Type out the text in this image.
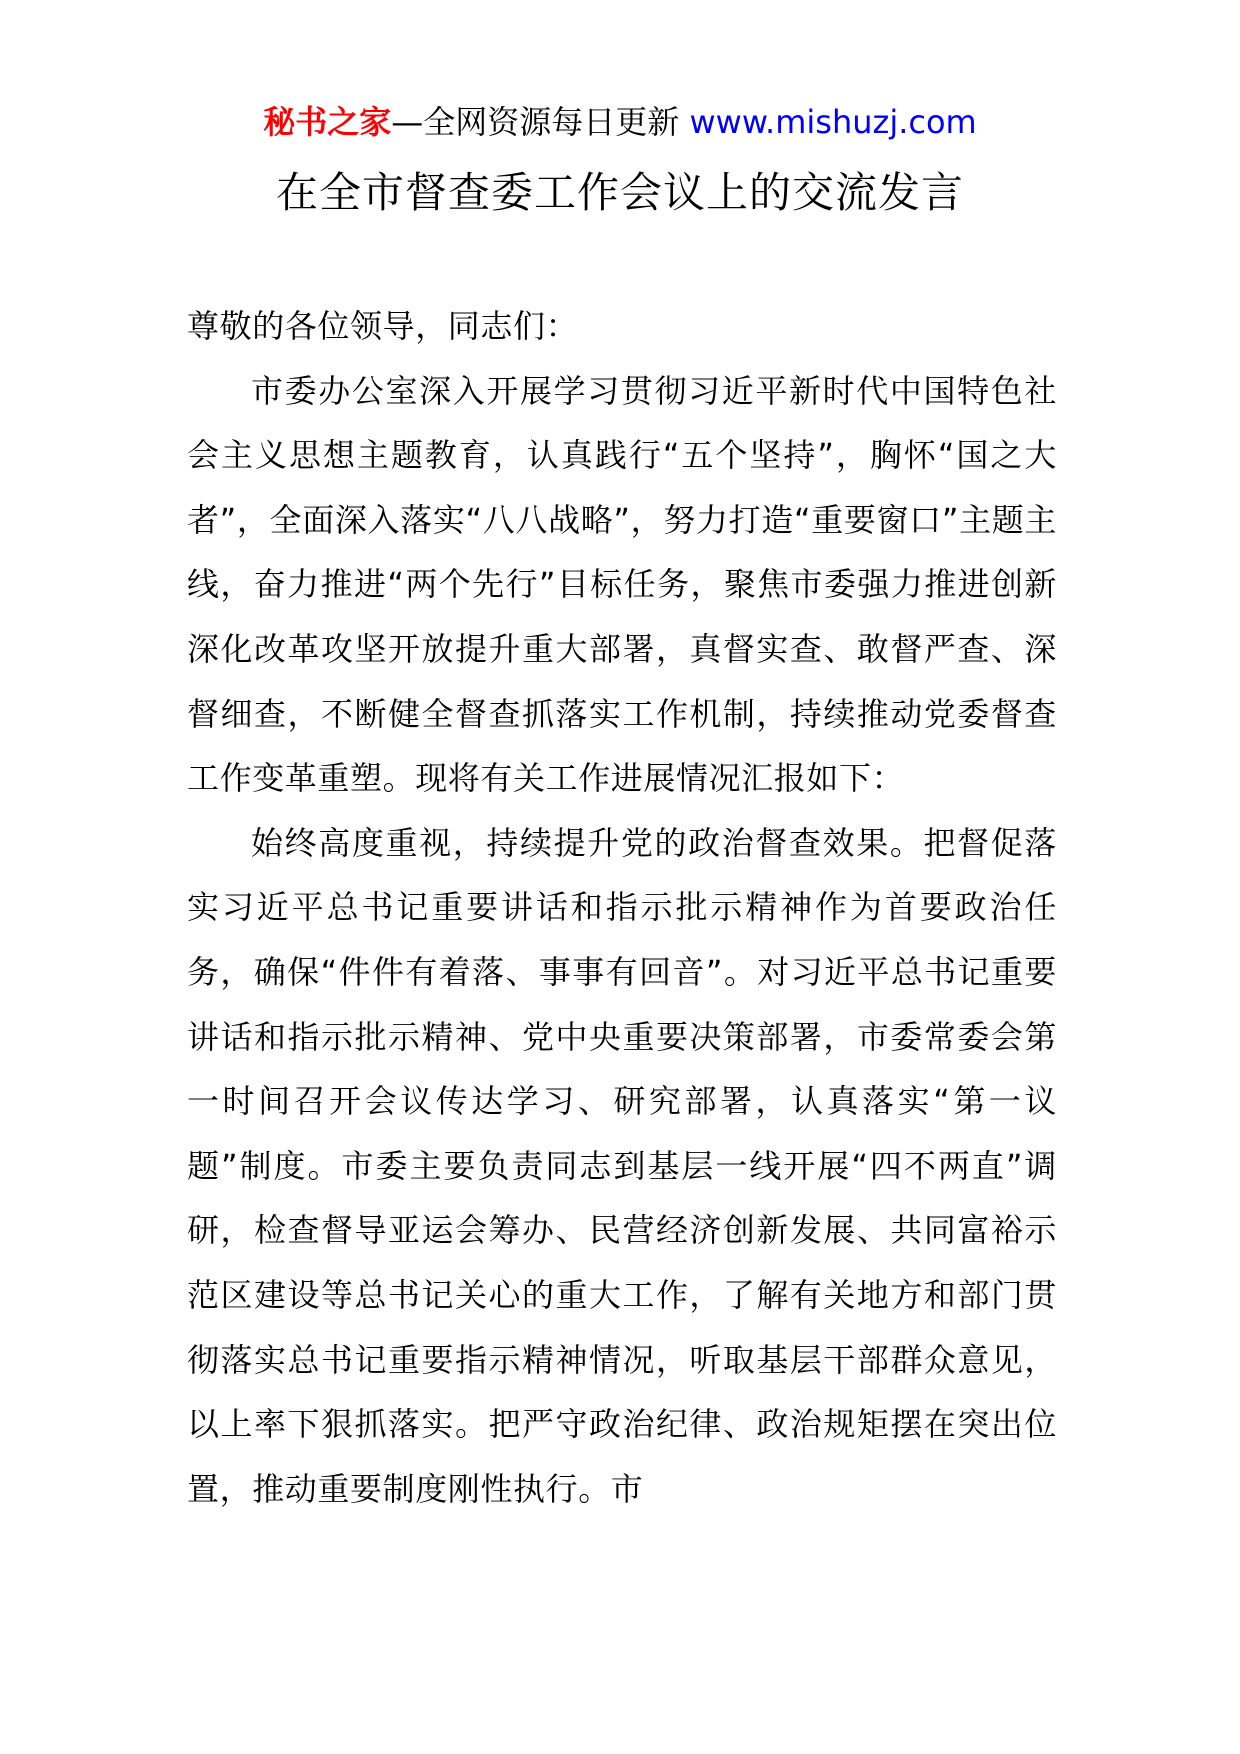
秘书之家—全网资源每日更新 www.mishuzj.com
在全市督查委工作会议上的交流发言

尊敬的各位领导，同志们：

市委办公室深入开展学习贯彻习近平新时代中国特色社会主义思想主题教育，认真践行“五个坚持”，胸怀“国之大者”，全面深入落实“八八战略”，努力打造“重要窗口”主题主线，奋力推进“两个先行”目标任务，聚焦市委强力推进创新深化改革攻坚开放提升重大部署，真督实查、敢督严查、深督细查，不断健全督查抓落实工作机制，持续推动党委督查工作变革重塑。现将有关工作进展情况汇报如下：

始终高度重视，持续提升党的政治督查效果。把督促落实习近平总书记重要讲话和指示批示精神作为首要政治任务，确保“件件有着落、事事有回音”。对习近平总书记重要讲话和指示批示精神、党中央重要决策部署，市委常委会第一时间召开会议传达学习、研究部署，认真落实“第一议题”制度。市委主要负责同志到基层一线开展“四不两直”调研，检查督导亚运会筹办、民营经济创新发展、共同富裕示范区建设等总书记关心的重大工作，了解有关地方和部门贯彻落实总书记重要指示精神情况，听取基层干部群众意见，以上率下狠抓落实。把严守政治纪律、政治规矩摆在突出位置，推动重要制度刚性执行。市
